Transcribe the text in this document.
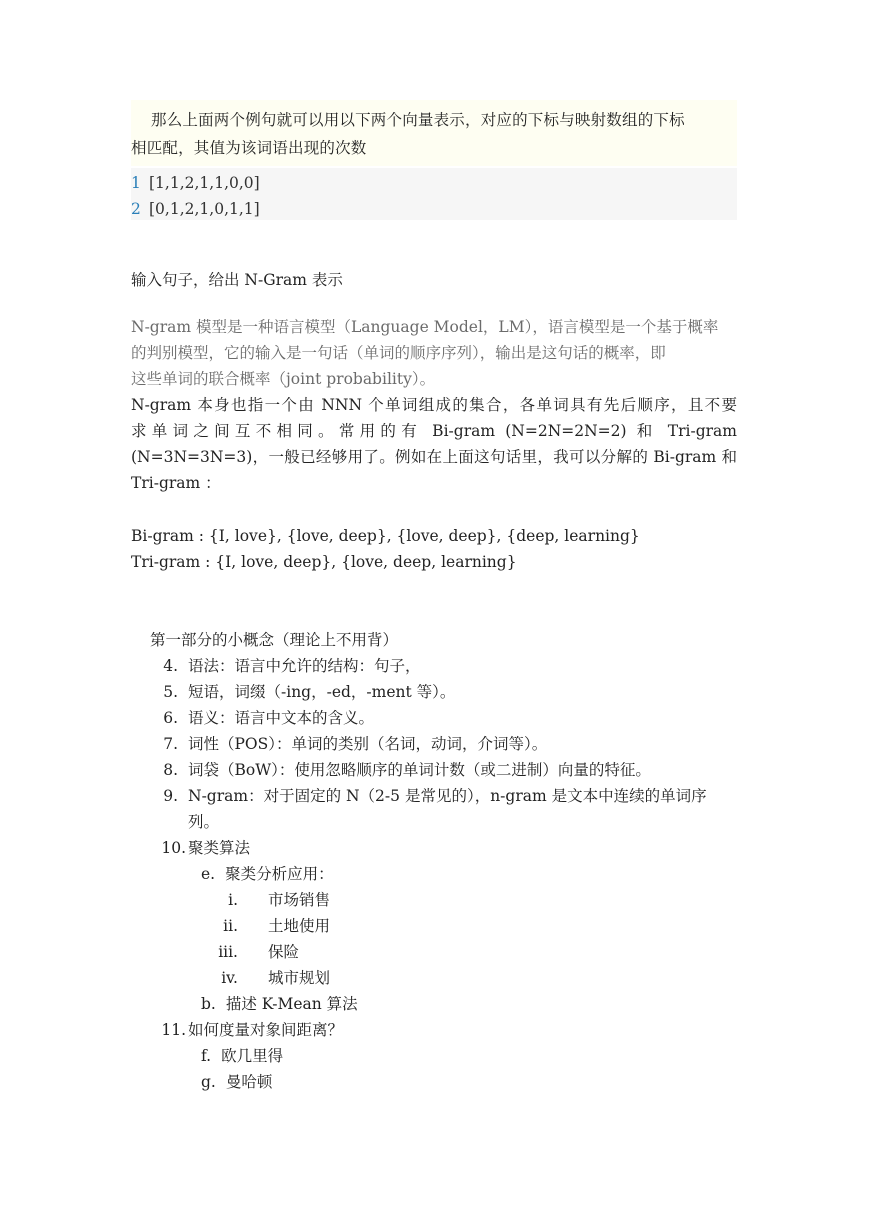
那么上面两个例句就可以用以下两个向量表示，对应的下标与映射数组的下标

相匹配，其值为该词语出现的次数

1 [1,1,2,1,1,0,0]
2 [0,1,2,1,0,1,1]
输入句子，给出 N-Gram 表示
N-gram 模型是一种语言模型（Language Model，LM），语言模型是一个基于概率
的判别模型，它的输入是一句话（单词的顺序序列），输出是这句话的概率，即
这些单词的联合概率（joint probability）。
N-gram 本身也指一个由 NNN 个单词组成的集合，各单词具有先后顺序，且不要
求单词之间互不相同。常用的有 Bi-gram (N=2N=2N=2) 和 Tri-gram
(N=3N=3N=3)，一般已经够用了。例如在上面这句话里，我可以分解的 Bi-gram 和
Tri-gram ：
Bi-gram : {I, love}, {love, deep}, {love, deep}, {deep, learning}
Tri-gram : {I, love, deep}, {love, deep, learning}
第一部分的小概念（理论上不用背）
4. 语法：语言中允许的结构：句子，
5. 短语，词缀（-ing，-ed，-ment 等）。
6. 语义：语言中文本的含义。
7. 词性（POS）：单词的类别（名词，动词，介词等）。
8. 词袋（BoW）：使用忽略顺序的单词计数（或二进制）向量的特征。
9. N-gram：对于固定的 N（2-5 是常见的），n-gram 是文本中连续的单词序
列。
10. 聚类算法
e. 聚类分析应用：
i. 市场销售
ii. 土地使用
iii. 保险
iv. 城市规划
b. 描述 K-Mean 算法
11. 如何度量对象间距离？
f. 欧几里得
g. 曼哈顿
